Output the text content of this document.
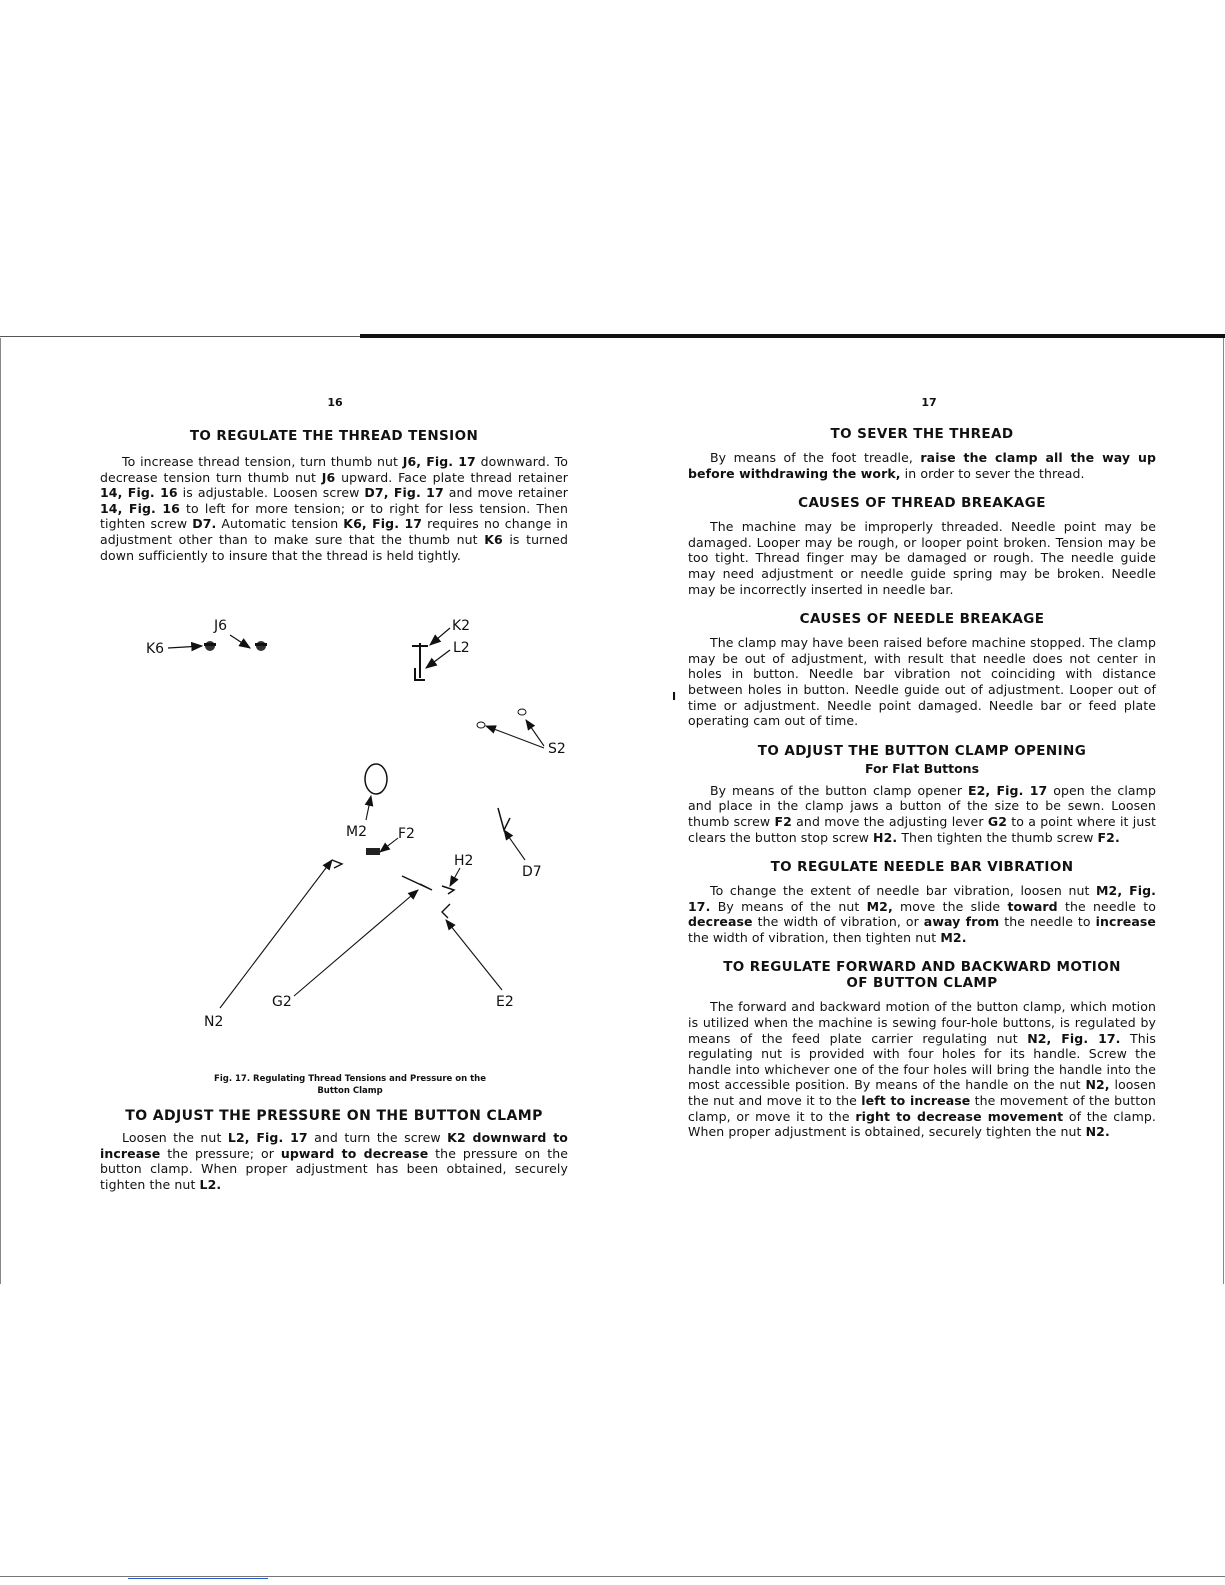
16

TO REGULATE THE THREAD TENSION

To increase thread tension, turn thumb nut J6, Fig. 17 downward. To decrease tension turn thumb nut J6 upward. Face plate thread retainer 14, Fig. 16 is adjustable. Loosen screw D7, Fig. 17 and move retainer 14, Fig. 16 to left for more tension; or to right for less tension. Then tighten screw D7. Automatic tension K6, Fig. 17 requires no change in adjustment other than to make sure that the thumb nut K6 is turned down sufficiently to insure that the thread is held tightly.

J6
K6
K2
L2
S2
M2 F2
D7
H2
N2
G2	E2
Fig. 17. Regulating Thread Tensions and Pressure on the
Button Clamp

TO ADJUST THE PRESSURE ON THE BUTTON CLAMP

Loosen the nut L2, Fig. 17 and turn the screw K2 downward to increase the pressure; or upward to decrease the pressure on the button clamp. When proper adjustment has been obtained, securely tighten the nut L2.

17
I

TO SEVER THE THREAD

By means of the foot treadle, raise the clamp all the way up before withdrawing the work, in order to sever the thread.

CAUSES OF THREAD BREAKAGE

The machine may be improperly threaded. Needle point may be damaged. Looper may be rough, or looper point broken. Tension may be too tight. Thread finger may be damaged or rough. The needle guide may need adjustment or needle guide spring may be broken. Needle may be incorrectly inserted in needle bar.

CAUSES OF NEEDLE BREAKAGE

The clamp may have been raised before machine stopped. The clamp may be out of adjustment, with result that needle does not center in holes in button. Needle bar vibration not coinciding with distance between holes in button. Needle guide out of adjustment. Looper out of time or adjustment. Needle point damaged. Needle bar or feed plate operating cam out of time.

TO ADJUST THE BUTTON CLAMP OPENING

For Flat Buttons

By means of the button clamp opener E2, Fig. 17 open the clamp and place in the clamp jaws a button of the size to be sewn. Loosen thumb screw F2 and move the adjusting lever G2 to a point where it just clears the button stop screw H2. Then tighten the thumb screw F2.

TO REGULATE NEEDLE BAR VIBRATION

To change the extent of needle bar vibration, loosen nut M2, Fig. 17. By means of the nut M2, move the slide toward the needle to decrease the width of vibration, or away from the needle to increase the width of vibration, then tighten nut M2.

TO REGULATE FORWARD AND BACKWARD MOTION

OF BUTTON CLAMP

The forward and backward motion of the button clamp, which motion is utilized when the machine is sewing four-hole buttons, is regulated by means of the feed plate carrier regulating nut N2, Fig. 17. This regulating nut is provided with four holes for its handle. Screw the handle into whichever one of the four holes will bring the handle into the most accessible position. By means of the handle on the nut N2, loosen the nut and move it to the left to increase the movement of the button clamp, or move it to the right to decrease movement of the clamp. When proper adjustment is obtained, securely tighten the nut N2.
